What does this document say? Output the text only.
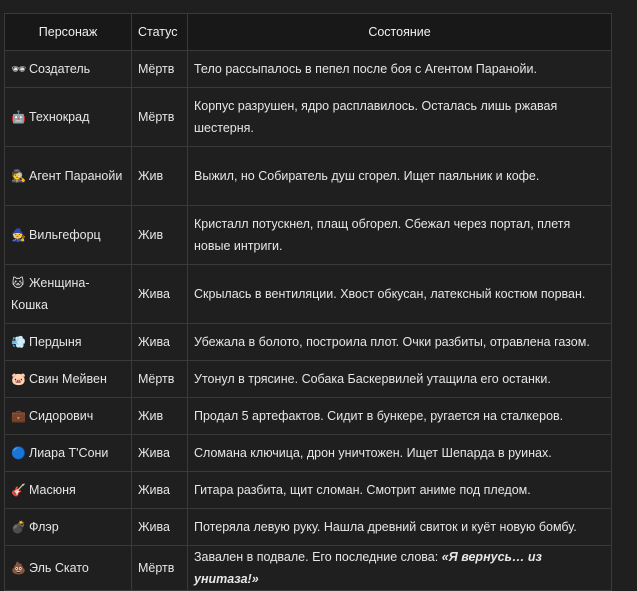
Персонаж	Статус	Состояние
🕶 Создатель	Мёртв	Тело рассыпалось в пепел после боя с Агентом Паранойи.
🤖 Технокрад	Мёртв	Корпус разрушен, ядро расплавилось. Осталась лишь ржавая шестерня.
🕵 Агент Паранойи	Жив	Выжил, но Собиратель душ сгорел. Ищет паяльник и кофе.
🧙 Вильгефорц	Жив	Кристалл потускнел, плащ обгорел. Сбежал через портал, плетя новые интриги.
🐱 Женщина-Кошка	Жива	Скрылась в вентиляции. Хвост обкусан, латексный костюм порван.
💨 Пердыня	Жива	Убежала в болото, построила плот. Очки разбиты, отравлена газом.
🐷 Свин Мейвен	Мёртв	Утонул в трясине. Собака Баскервилей утащила его останки.
💼 Сидорович	Жив	Продал 5 артефактов. Сидит в бункере, ругается на сталкеров.
🔵 Лиара Т'Сони	Жива	Сломана ключица, дрон уничтожен. Ищет Шепарда в руинах.
🎸 Масюня	Жива	Гитара разбита, щит сломан. Смотрит аниме под пледом.
💣 Флэр	Жива	Потеряла левую руку. Нашла древний свиток и куёт новую бомбу.
💩 Эль Скато	Мёртв	Завален в подвале. Его последние слова: «Я вернусь… из унитаза!»
